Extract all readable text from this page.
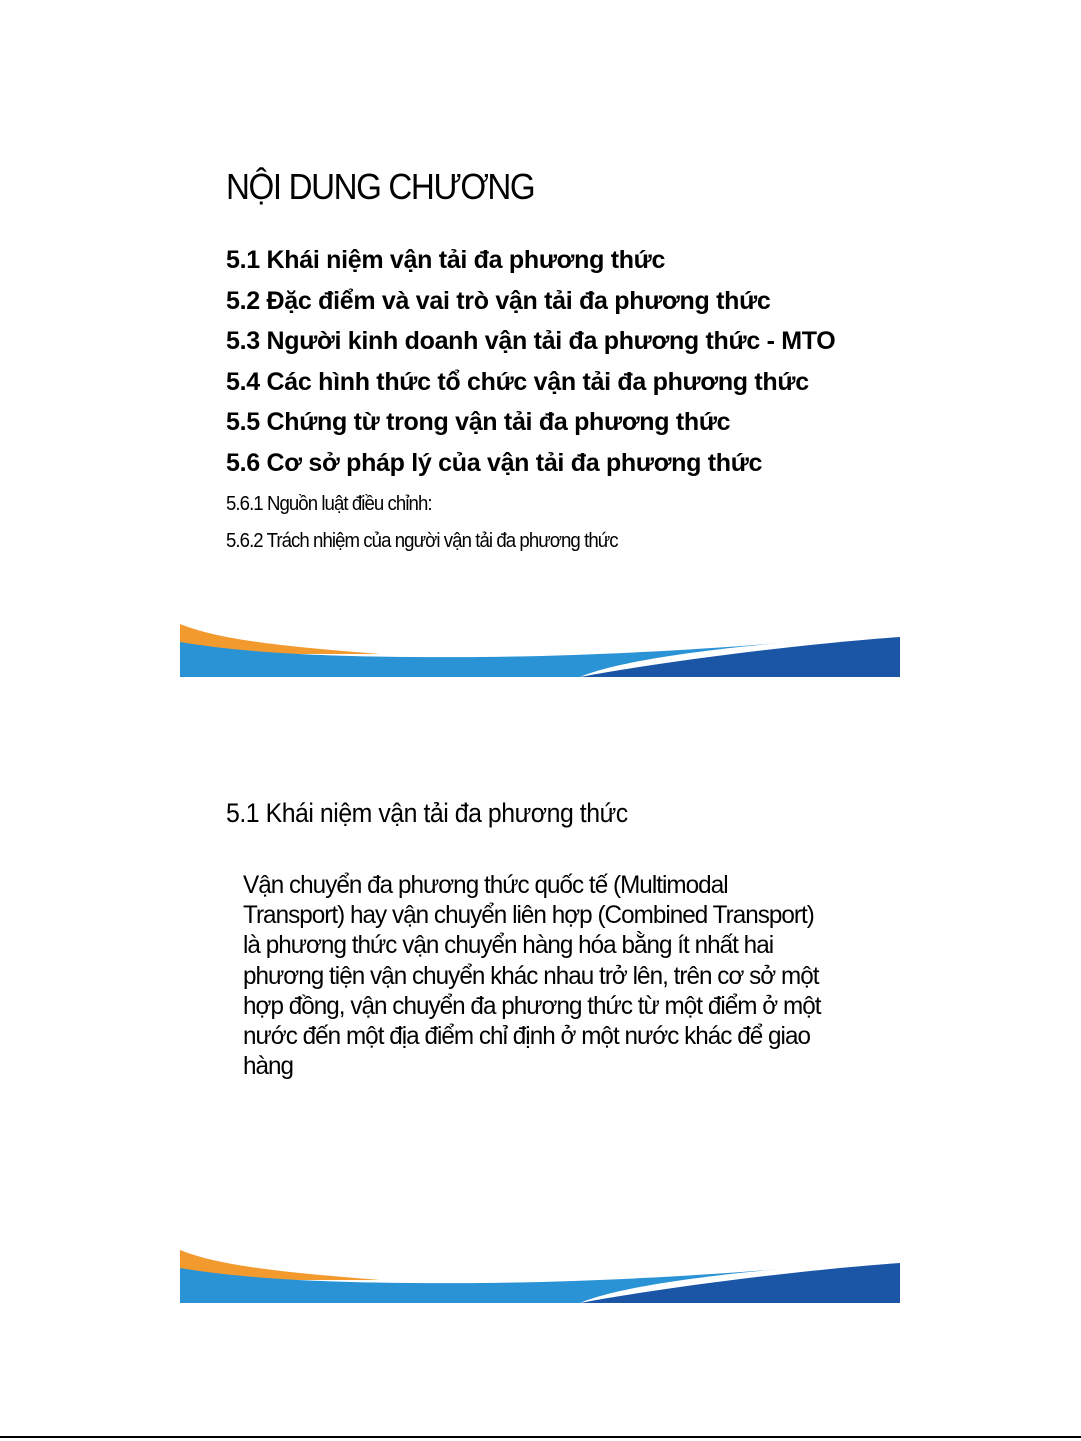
NỘI DUNG CHƯƠNG
5.1 Khái niệm vận tải đa phương thức
5.2 Đặc điểm và vai trò vận tải đa phương thức
5.3 Người kinh doanh vận tải đa phương thức - MTO
5.4 Các hình thức tổ chức vận tải đa phương thức
5.5 Chứng từ trong vận tải đa phương thức
5.6 Cơ sở pháp lý của vận tải đa phương thức
5.6.1 Nguồn luật điều chỉnh:
5.6.2 Trách nhiệm của người vận tải đa phương thức
5.1 Khái niệm vận tải đa phương thức

Vận chuyển đa phương thức quốc tế (Multimodal
Transport) hay vận chuyển liên hợp (Combined Transport)
là phương thức vận chuyển hàng hóa bằng ít nhất hai
phương tiện vận chuyển khác nhau trở lên, trên cơ sở một
hợp đồng, vận chuyển đa phương thức từ một điểm ở một
nước đến một địa điểm chỉ định ở một nước khác để giao
hàng
